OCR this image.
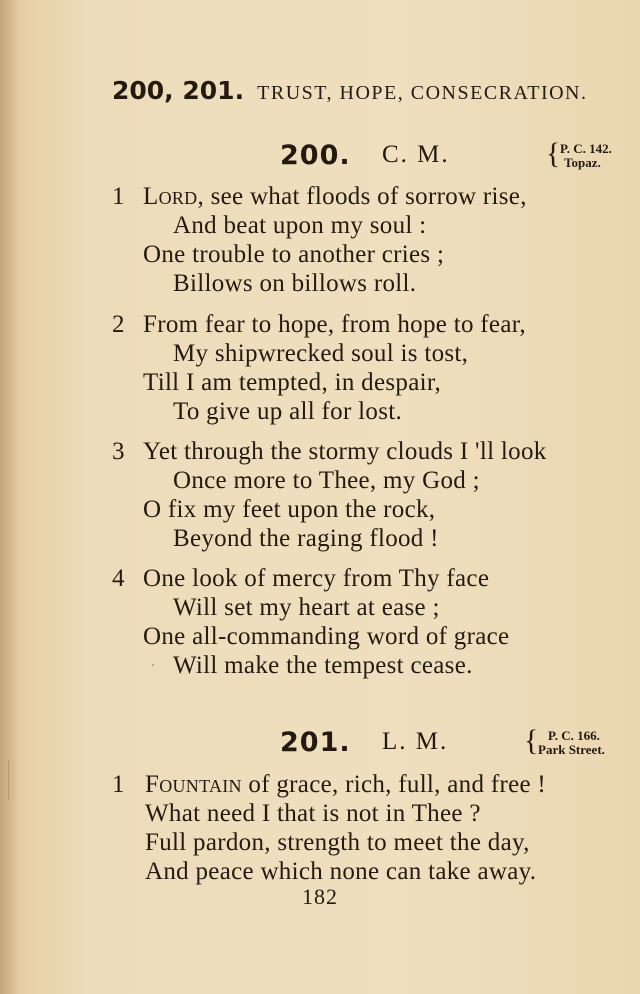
200, 201. TRUST, HOPE, CONSECRATION.
200. C. M.	{ P. C. 142.
Topaz.
1 Lord, see what floods of sorrow rise,
And beat upon my soul :
One trouble to another cries ;
Billows on billows roll.
2 From fear to hope, from hope to fear,
My shipwrecked soul is tost,
Till I am tempted, in despair,
To give up all for lost.
3 Yet through the stormy clouds I 'll look
Once more to Thee, my God ;
O fix my feet upon the rock,
Beyond the raging flood !
4 One look of mercy from Thy face
Will set my heart at ease ;
One all-commanding word of grace
Will make the tempest cease.
201. L. M.	{ P. C. 166.
Park Street.
1 Fountain of grace, rich, full, and free !
What need I that is not in Thee ?
Full pardon, strength to meet the day,
And peace which none can take away.
182
